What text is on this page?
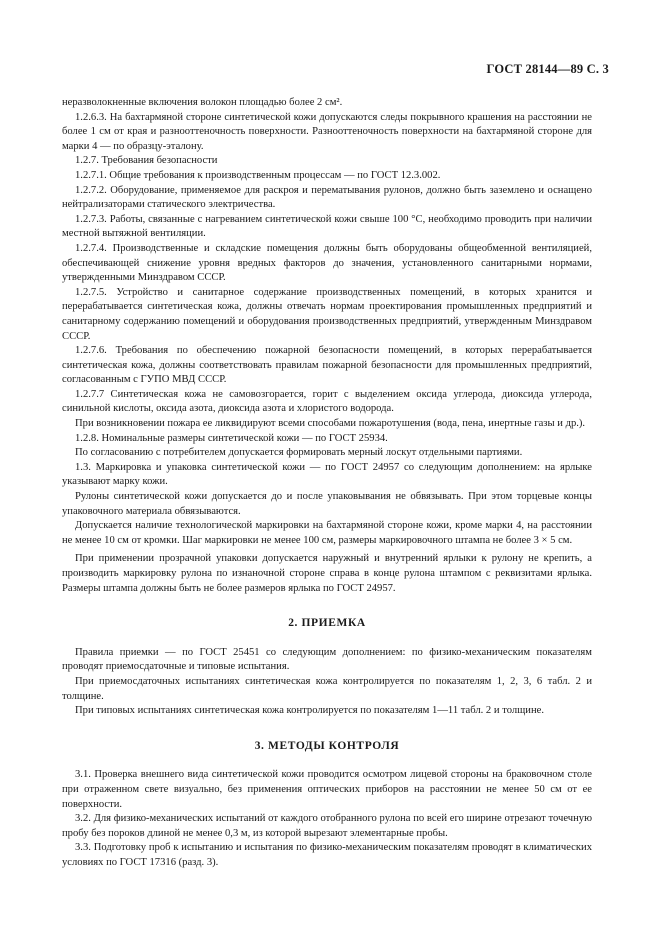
ГОСТ 28144—89 С. 3

неразволокненные включения волокон площадью более 2 см².

1.2.6.3. На бахтармяной стороне синтетической кожи допускаются следы покрывного крашения на расстоянии не более 1 см от края и разнооттеночность поверхности. Разнооттеночность поверхности на бахтармяной стороне для марки 4 — по образцу-эталону.

1.2.7. Требования безопасности

1.2.7.1. Общие требования к производственным процессам — по ГОСТ 12.3.002.

1.2.7.2. Оборудование, применяемое для раскроя и перематывания рулонов, должно быть заземлено и оснащено нейтрализаторами статического электричества.

1.2.7.3. Работы, связанные с нагреванием синтетической кожи свыше 100 °С, необходимо проводить при наличии местной вытяжной вентиляции.

1.2.7.4. Производственные и складские помещения должны быть оборудованы общеобменной вентиляцией, обеспечивающей снижение уровня вредных факторов до значения, установленного санитарными нормами, утвержденными Минздравом СССР.

1.2.7.5. Устройство и санитарное содержание производственных помещений, в которых хранится и перерабатывается синтетическая кожа, должны отвечать нормам проектирования промышленных предприятий и санитарному содержанию помещений и оборудования производственных предприятий, утвержденным Минздравом СССР.

1.2.7.6. Требования по обеспечению пожарной безопасности помещений, в которых перерабатывается синтетическая кожа, должны соответствовать правилам пожарной безопасности для промышленных предприятий, согласованным с ГУПО МВД СССР.

1.2.7.7 Синтетическая кожа не самовозгорается, горит с выделением оксида углерода, диоксида углерода, синильной кислоты, оксида азота, диоксида азота и хлористого водорода.

При возникновении пожара ее ликвидируют всеми способами пожаротушения (вода, пена, инертные газы и др.).

1.2.8. Номинальные размеры синтетической кожи — по ГОСТ 25934.

По согласованию с потребителем допускается формировать мерный лоскут отдельными партиями.

1.3. Маркировка и упаковка синтетической кожи — по ГОСТ 24957 со следующим дополнением: на ярлыке указывают марку кожи.

Рулоны синтетической кожи допускается до и после упаковывания не обвязывать. При этом торцевые концы упаковочного материала обвязываются.

Допускается наличие технологической маркировки на бахтармяной стороне кожи, кроме марки 4, на расстоянии не менее 10 см от кромки. Шаг маркировки не менее 100 см, размеры маркировочного штампа не более 3 × 5 см.

При применении прозрачной упаковки допускается наружный и внутренний ярлыки к рулону не крепить, а производить маркировку рулона по изнаночной стороне справа в конце рулона штампом с реквизитами ярлыка. Размеры штампа должны быть не более размеров ярлыка по ГОСТ 24957.

2. ПРИЕМКА

Правила приемки — по ГОСТ 25451 со следующим дополнением: по физико-механическим показателям проводят приемосдаточные и типовые испытания.

При приемосдаточных испытаниях синтетическая кожа контролируется по показателям 1, 2, 3, 6 табл. 2 и толщине.

При типовых испытаниях синтетическая кожа контролируется по показателям 1—11 табл. 2 и толщине.

3. МЕТОДЫ КОНТРОЛЯ

3.1. Проверка внешнего вида синтетической кожи проводится осмотром лицевой стороны на браковочном столе при отраженном свете визуально, без применения оптических приборов на расстоянии не менее 50 см от ее поверхности.

3.2. Для физико-механических испытаний от каждого отобранного рулона по всей его ширине отрезают точечную пробу без пороков длиной не менее 0,3 м, из которой вырезают элементарные пробы.

3.3. Подготовку проб к испытанию и испытания по физико-механическим показателям проводят в климатических условиях по ГОСТ 17316 (разд. 3).
